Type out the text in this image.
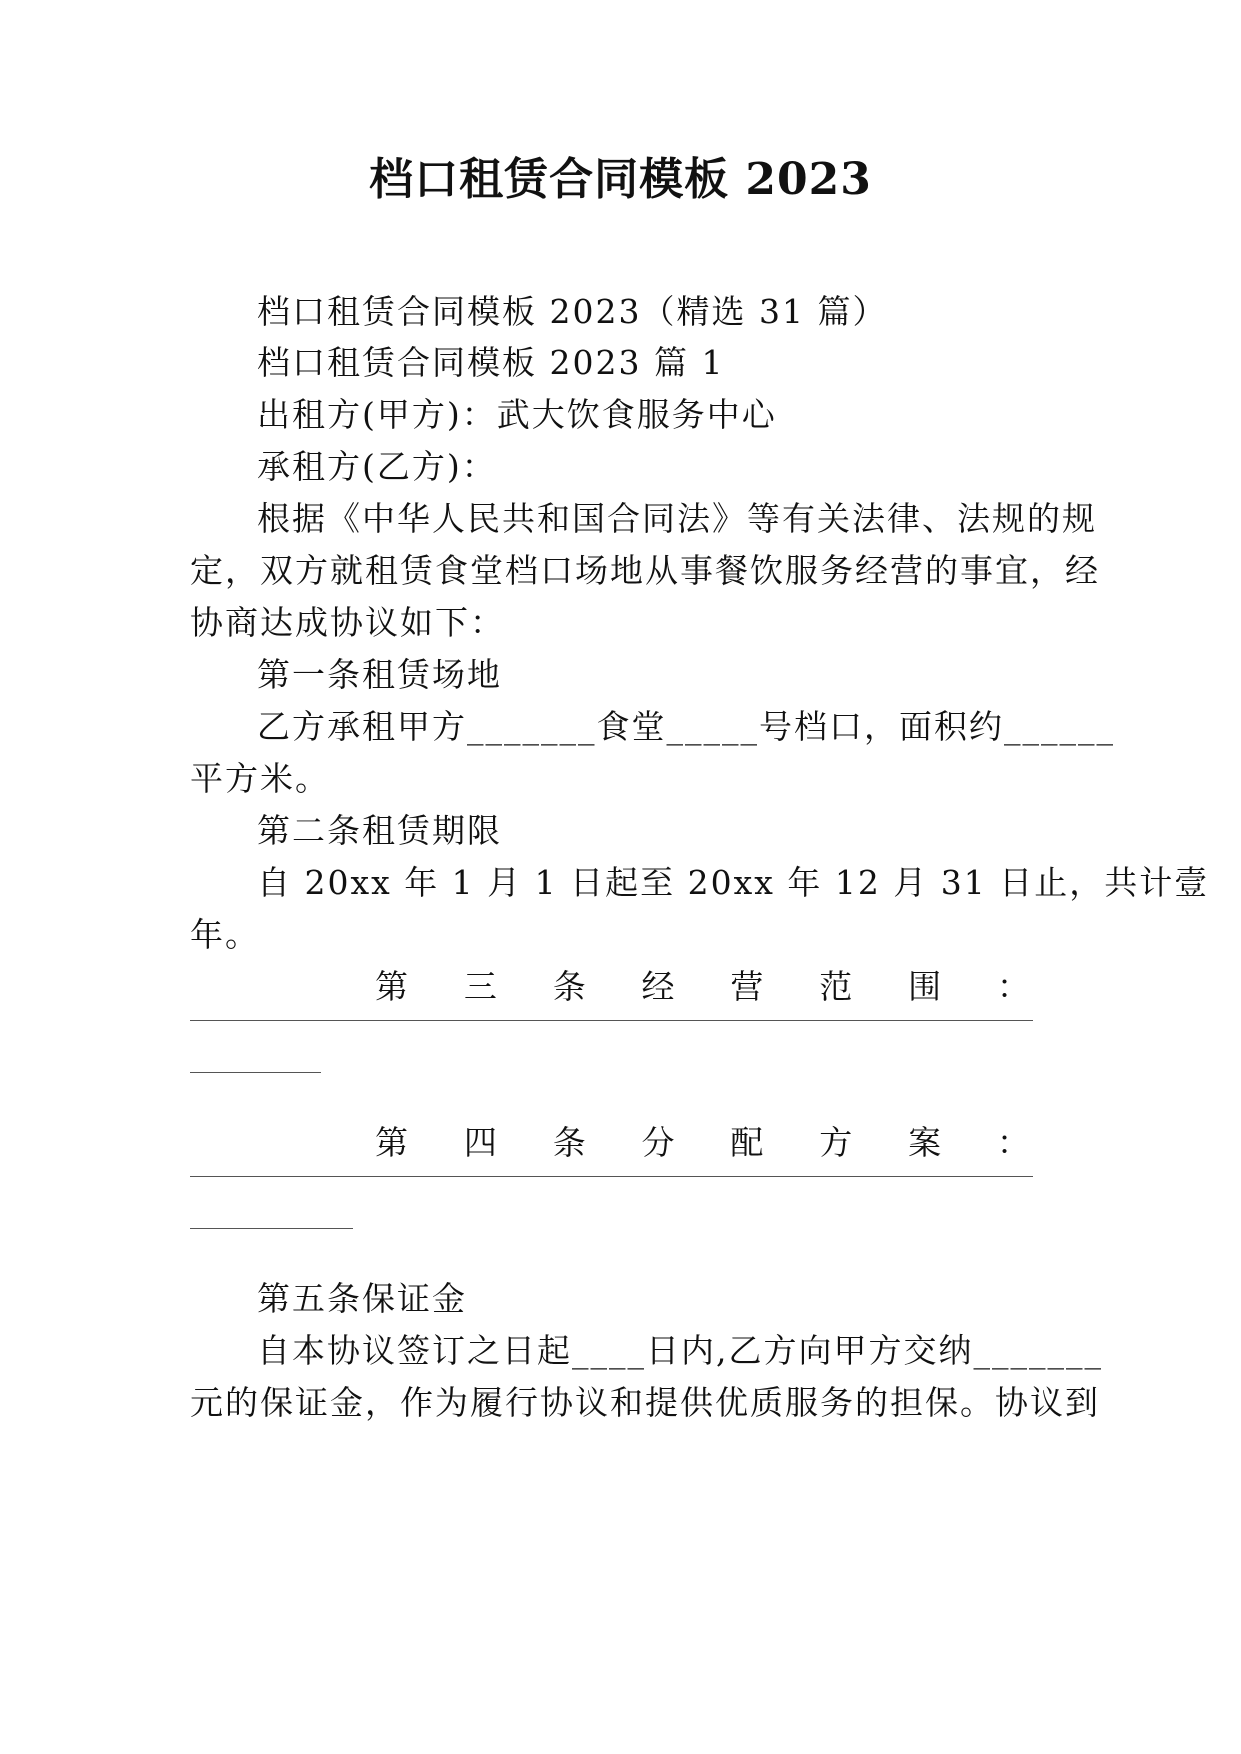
档口租赁合同模板 2023
档口租赁合同模板 2023（精选 31 篇）
档口租赁合同模板 2023 篇 1
出租方(甲方)：武大饮食服务中心
承租方(乙方)：
根据《中华人民共和国合同法》等有关法律、法规的规
定，双方就租赁食堂档口场地从事餐饮服务经营的事宜，经
协商达成协议如下：
第一条租赁场地
乙方承租甲方_______食堂_____号档口，面积约______
平方米。
第二条租赁期限
自 20xx 年 1 月 1 日起至 20xx 年 12 月 31 日止，共计壹
年。
第 三 条 经 营 范 围 ：
第 四 条 分 配 方 案 ：
第五条保证金
自本协议签订之日起____日内,乙方向甲方交纳_______
元的保证金，作为履行协议和提供优质服务的担保。协议到
